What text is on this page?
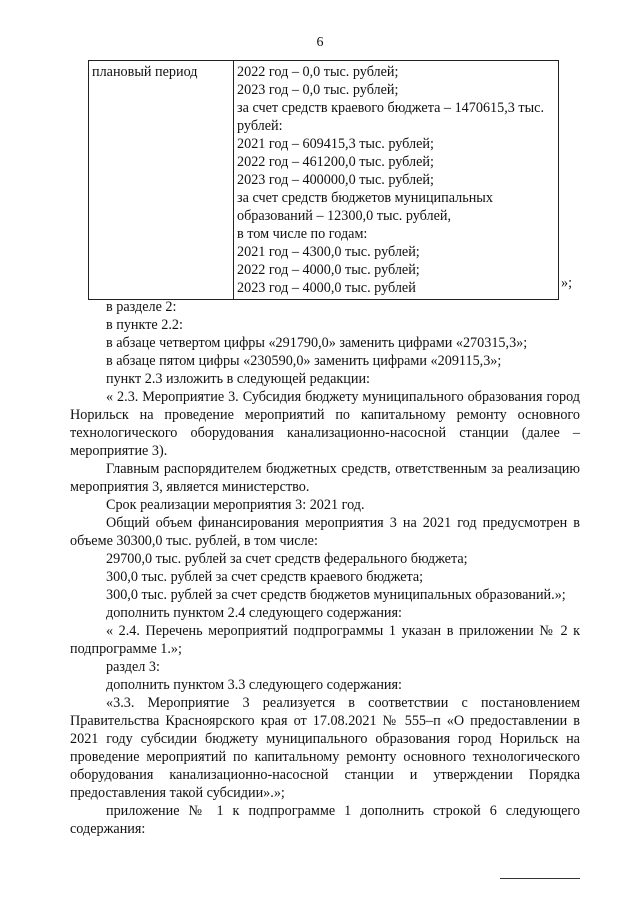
6
плановый период	2022 год – 0,0 тыс. рублей;
2023 год – 0,0 тыс. рублей;
за счет средств краевого бюджета – 1470615,3 тыс.
рублей:
2021 год – 609415,3 тыс. рублей;
2022 год – 461200,0 тыс. рублей;
2023 год – 400000,0 тыс. рублей;
за счет средств бюджетов муниципальных
образований – 12300,0 тыс. рублей,
в том числе по годам:
2021 год – 4300,0 тыс. рублей;
2022 год – 4000,0 тыс. рублей;
2023 год – 4000,0 тыс. рублей	»;

в разделе 2:

в пункте 2.2:

в абзаце четвертом цифры «291790,0» заменить цифрами «270315,3»;

в абзаце пятом цифры «230590,0» заменить цифрами «209115,3»;

пункт 2.3 изложить в следующей редакции:

« 2.3. Мероприятие 3. Субсидия бюджету муниципального образования город Норильск на проведение мероприятий по капитальному ремонту основного технологического оборудования канализационно-насосной станции (далее – мероприятие 3).

Главным распорядителем бюджетных средств, ответственным за реализацию мероприятия 3, является министерство.

Срок реализации мероприятия 3: 2021 год.

Общий объем финансирования мероприятия 3 на 2021 год предусмотрен в объеме 30300,0 тыс. рублей, в том числе:

29700,0 тыс. рублей за счет средств федерального бюджета;

300,0 тыс. рублей за счет средств краевого бюджета;

300,0 тыс. рублей за счет средств бюджетов муниципальных образований.»;

дополнить пунктом 2.4 следующего содержания:

« 2.4. Перечень мероприятий подпрограммы 1 указан в приложении № 2 к подпрограмме 1.»;

раздел 3:

дополнить пунктом 3.3 следующего содержания:

«3.3. Мероприятие 3 реализуется в соответствии с постановлением Правительства Красноярского края от 17.08.2021 № 555–п «О предоставлении в 2021 году субсидии бюджету муниципального образования город Норильск на проведение мероприятий по капитальному ремонту основного технологического оборудования канализационно-насосной станции и утверждении Порядка предоставления такой субсидии».»;

приложение № 1 к подпрограмме 1 дополнить строкой 6 следующего содержания:
